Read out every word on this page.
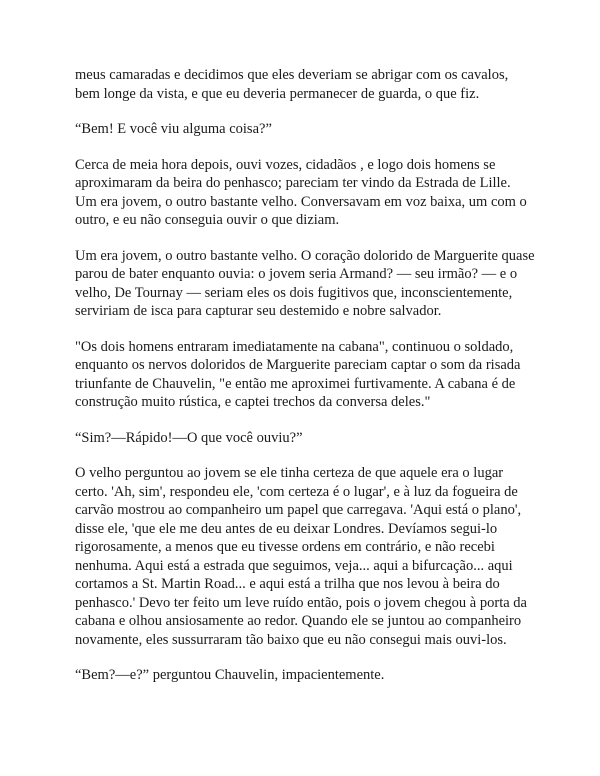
meus camaradas e decidimos que eles deveriam se abrigar com os cavalos, bem longe da vista, e que eu deveria permanecer de guarda, o que fiz.

“Bem! E você viu alguma coisa?”

Cerca de meia hora depois, ouvi vozes, cidadãos , e logo dois homens se aproximaram da beira do penhasco; pareciam ter vindo da Estrada de Lille. Um era jovem, o outro bastante velho. Conversavam em voz baixa, um com o outro, e eu não conseguia ouvir o que diziam.

Um era jovem, o outro bastante velho. O coração dolorido de Marguerite quase parou de bater enquanto ouvia: o jovem seria Armand? — seu irmão? — e o velho, De Tournay — seriam eles os dois fugitivos que, inconscientemente, serviriam de isca para capturar seu destemido e nobre salvador.

"Os dois homens entraram imediatamente na cabana", continuou o soldado, enquanto os nervos doloridos de Marguerite pareciam captar o som da risada triunfante de Chauvelin, "e então me aproximei furtivamente. A cabana é de construção muito rústica, e captei trechos da conversa deles."

“Sim?—Rápido!—O que você ouviu?”

O velho perguntou ao jovem se ele tinha certeza de que aquele era o lugar certo. 'Ah, sim', respondeu ele, 'com certeza é o lugar', e à luz da fogueira de carvão mostrou ao companheiro um papel que carregava. 'Aqui está o plano', disse ele, 'que ele me deu antes de eu deixar Londres. Devíamos segui-lo rigorosamente, a menos que eu tivesse ordens em contrário, e não recebi nenhuma. Aqui está a estrada que seguimos, veja... aqui a bifurcação... aqui cortamos a St. Martin Road... e aqui está a trilha que nos levou à beira do penhasco.' Devo ter feito um leve ruído então, pois o jovem chegou à porta da cabana e olhou ansiosamente ao redor. Quando ele se juntou ao companheiro novamente, eles sussurraram tão baixo que eu não consegui mais ouvi-los.

“Bem?—e?” perguntou Chauvelin, impacientemente.
